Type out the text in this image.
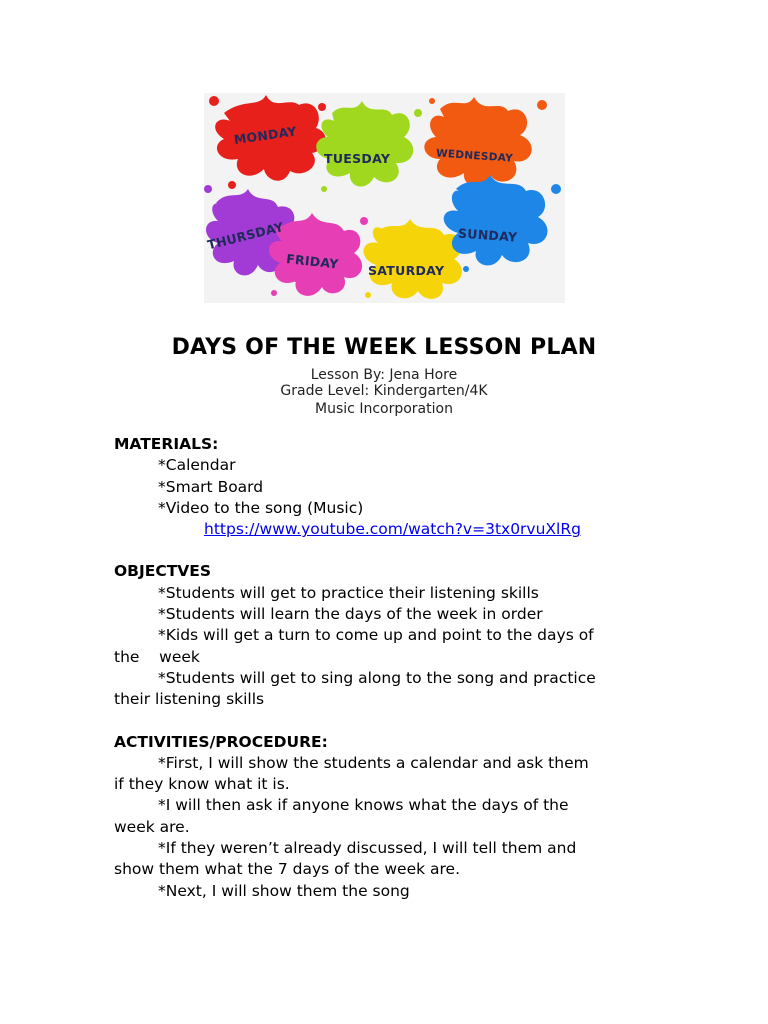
MONDAY
TUESDAY	WEDNESDAY
THURSDAY
FRIDAY SATURDAY
SUNDAY
DAYS OF THE WEEK LESSON PLAN
Lesson By: Jena Hore
Grade Level: Kindergarten/4K
Music Incorporation
MATERIALS:
*Calendar
*Smart Board
*Video to the song (Music)
https://www.youtube.com/watch?v=3tx0rvuXlRg
OBJECTVES
*Students will get to practice their listening skills
*Students will learn the days of the week in order
*Kids will get a turn to come up and point to the days of
the    week
*Students will get to sing along to the song and practice
their listening skills
ACTIVITIES/PROCEDURE:
*First, I will show the students a calendar and ask them
if they know what it is.
*I will then ask if anyone knows what the days of the
week are.
*If they weren’t already discussed, I will tell them and
show them what the 7 days of the week are.
*Next, I will show them the song
